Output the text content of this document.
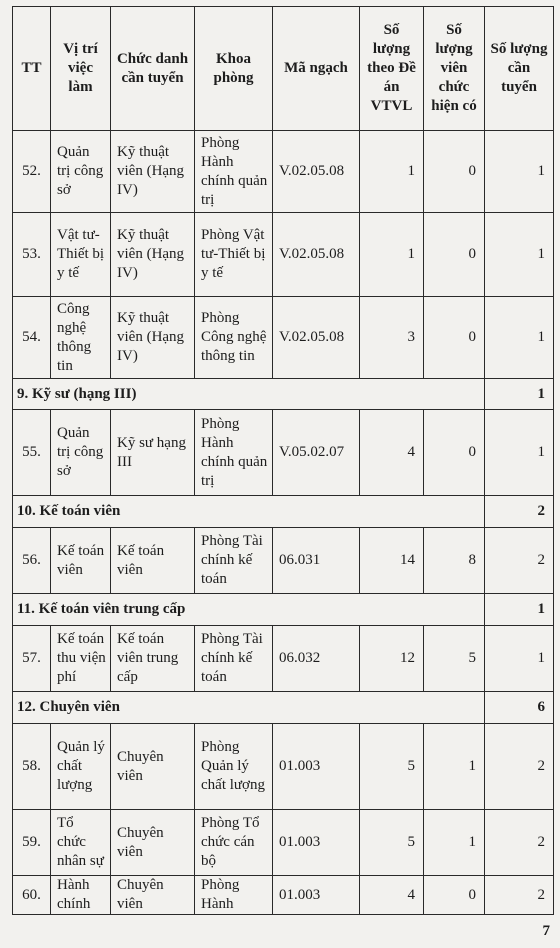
TT	Vị trí việc làm	Chức danh cần tuyển	Khoa phòng	Mã ngạch	Số lượng theo Đề án VTVL	Số lượng viên chức hiện có	Số lượng cần tuyển
52.	Quản trị công sở	Kỹ thuật viên (Hạng IV)	Phòng Hành chính quản trị	V.02.05.08	1	0	1
53.	Vật tư-Thiết bị y tế	Kỹ thuật viên (Hạng IV)	Phòng Vật tư-Thiết bị y tế	V.02.05.08	1	0	1
54.	Công nghệ thông tin	Kỹ thuật viên (Hạng IV)	Phòng Công nghệ thông tin	V.02.05.08	3	0	1
9. Kỹ sư (hạng III)							1
55.	Quản trị công sở	Kỹ sư hạng III	Phòng Hành chính quản trị	V.05.02.07	4	0	1
10. Kế toán viên							2
56.	Kế toán viên	Kế toán viên	Phòng Tài chính kế toán	06.031	14	8	2
11. Kế toán viên trung cấp							1
57.	Kế toán thu viện phí	Kế toán viên trung cấp	Phòng Tài chính kế toán	06.032	12	5	1
12. Chuyên viên							6
58.	Quản lý chất lượng	Chuyên viên	Phòng Quản lý chất lượng	01.003	5	1	2
59.	Tổ chức nhân sự	Chuyên viên	Phòng Tổ chức cán bộ	01.003	5	1	2
60.	Hành chính	Chuyên viên	Phòng Hành	01.003	4	0	2
7
